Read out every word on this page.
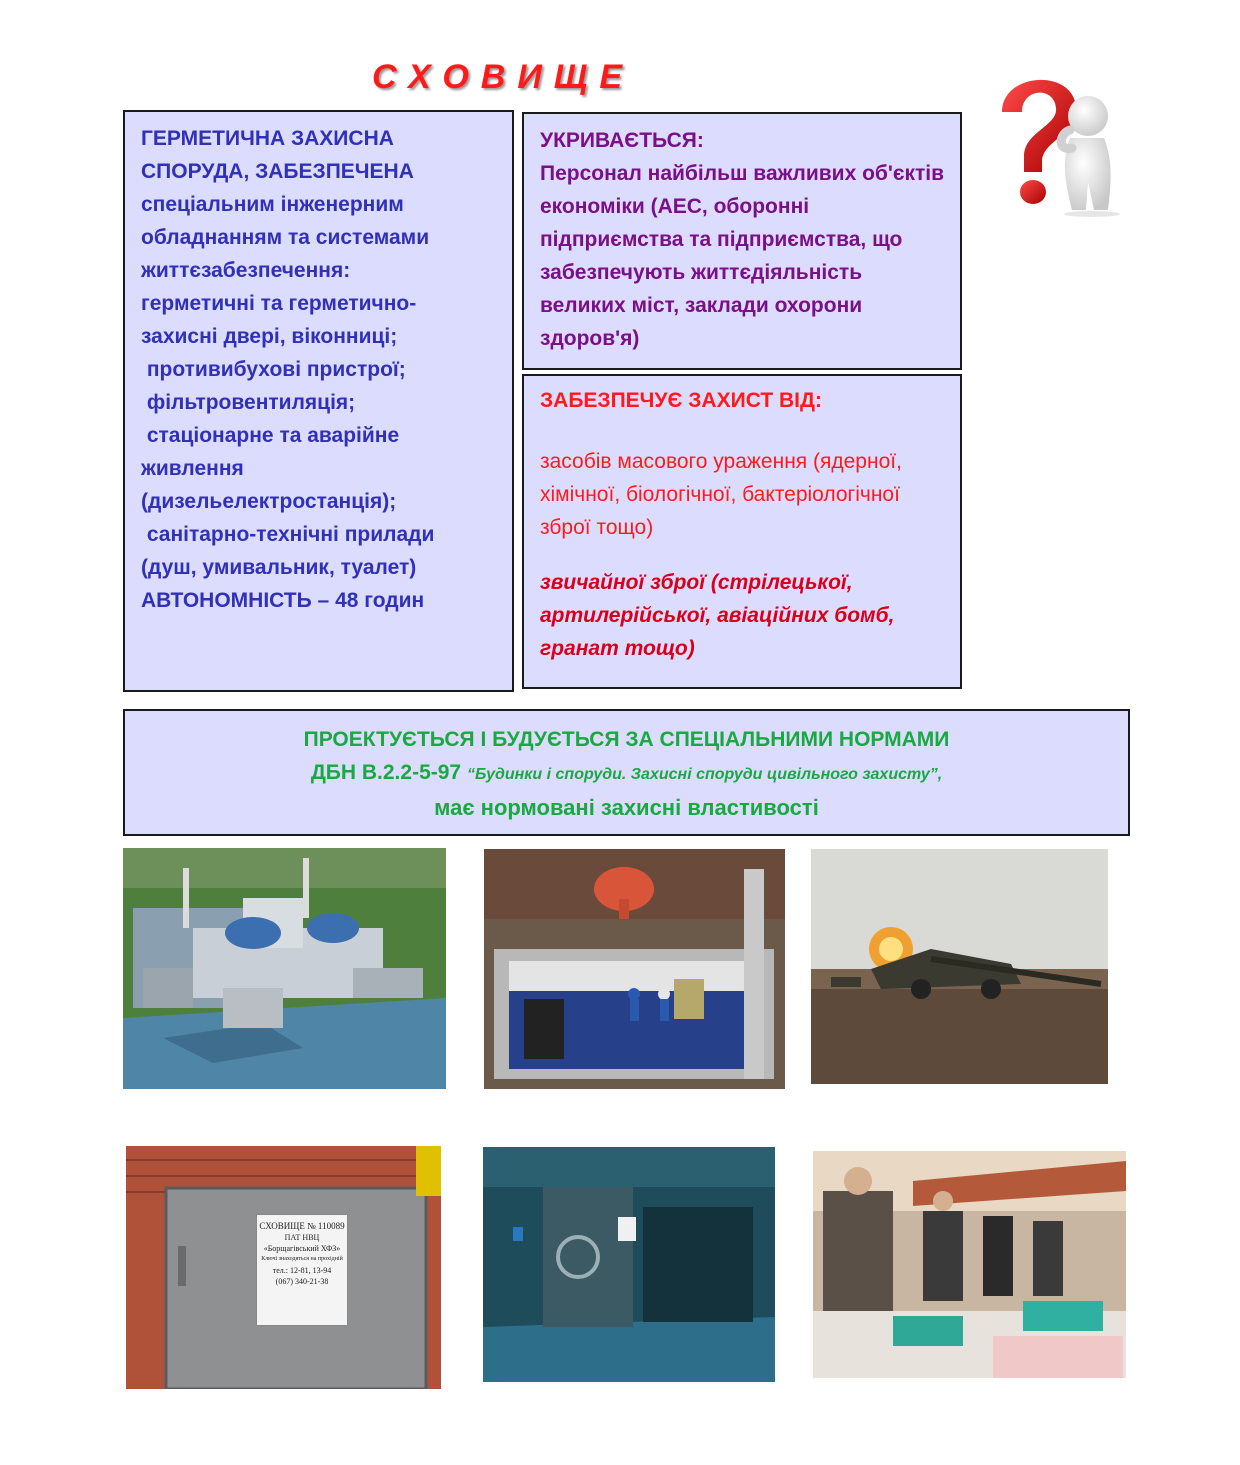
СХОВИЩЕ
ГЕРМЕТИЧНА ЗАХИСНА
СПОРУДА, ЗАБЕЗПЕЧЕНА
спеціальним інженерним
обладнанням та системами
життєзабезпечення:
герметичні та герметично-
захисні двері, віконниці;
противибухові пристрої;
фільтровентиляція;
стаціонарне та аварійне
живлення
(дизельелектростанція);
санітарно-технічні прилади
(душ, умивальник, туалет)
АВТОНОМНІСТЬ – 48 годин
УКРИВАЄТЬСЯ:
Персонал найбільш важливих об'єктів економіки (АЕС, оборонні підприємства та підприємства, що забезпечують життєдіяльність великих міст, заклади охорони здоров'я)
ЗАБЕЗПЕЧУЄ ЗАХИСТ ВІД:
засобів масового ураження (ядерної, хімічної, біологічної, бактеріологічної зброї тощо)
звичайної зброї (стрілецької, артилерійської, авіаційних бомб, гранат тощо)
ПРОЕКТУЄТЬСЯ І БУДУЄТЬСЯ ЗА СПЕЦІАЛЬНИМИ НОРМАМИ
ДБН В.2.2-5-97 “Будинки і споруди. Захисні споруди цивільного захисту”,
має нормовані захисні властивості
СХОВИЩЕ № 110089
ПАТ НВЦ
«Борщагівський ХФЗ»
Ключі знаходяться на прохідній
тел.: 12-81, 13-94
(067) 340-21-38
